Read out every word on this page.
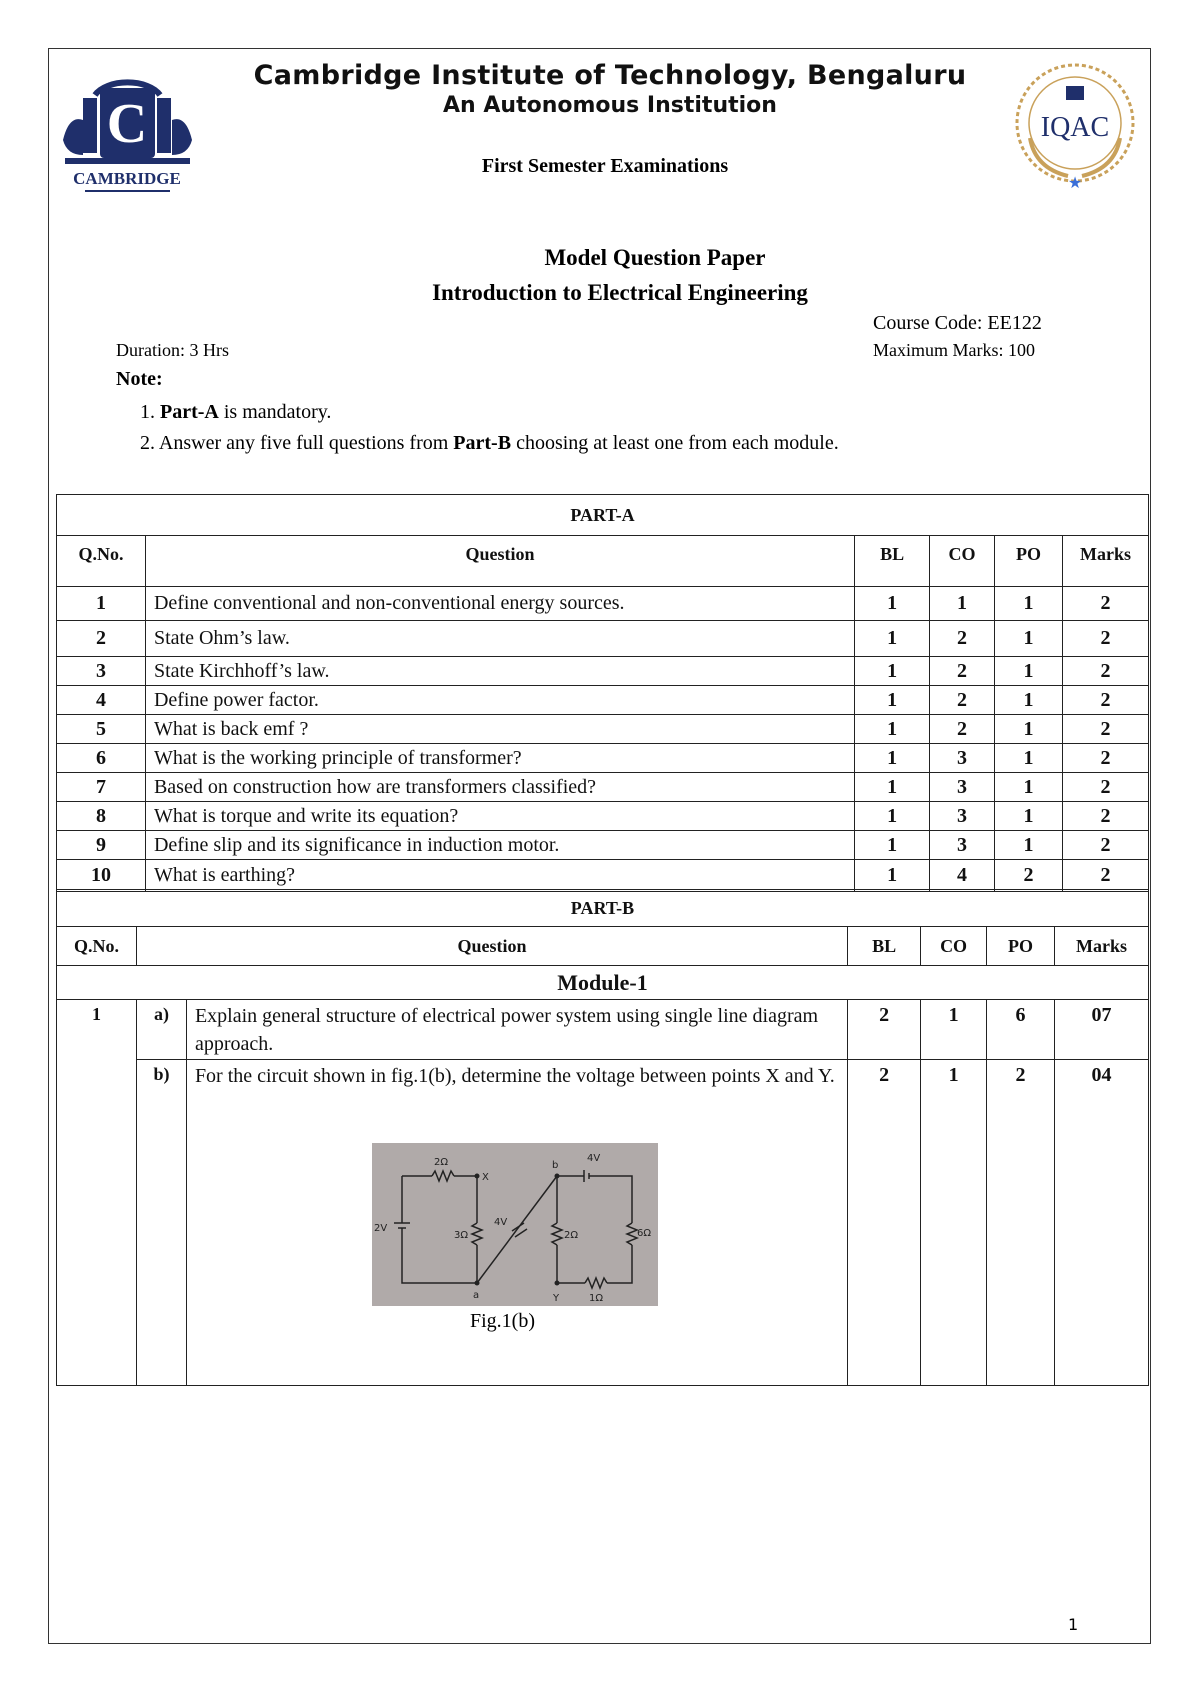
C
CAMBRIDGE
IQAC
★
Cambridge Institute of Technology, Bengaluru
An Autonomous Institution
First Semester Examinations
Model Question Paper
Introduction to Electrical Engineering
Course Code: EE122
Duration: 3 Hrs	Maximum Marks: 100
Note:
1. Part-A is mandatory.
2. Answer any five full questions from Part-B choosing at least one from each module.
PART-A					
Q.No.	Question	BL	CO	PO	Marks
1	Define conventional and non-conventional energy sources.	1	1	1	2
2	State Ohm’s law.	1	2	1	2
3	State Kirchhoff’s law.	1	2	1	2
4	Define power factor.	1	2	1	2
5	What is back emf ?	1	2	1	2
6	What is the working principle of transformer?	1	3	1	2
7	Based on construction how are transformers classified?	1	3	1	2
8	What is torque and write its equation?	1	3	1	2
9	Define slip and its significance in induction motor.	1	3	1	2
10	What is earthing?	1	4	2	2
PART-B						
Q.No.	Question		BL	CO	PO	Marks
Module-1						
1	a)	Explain general structure of electrical power system using single line diagram approach.	2	1	6	07
	b)	For the circuit shown in fig.1(b), determine the voltage between points X and Y.	2	1	2	04
2Ω
X
b
4V
2V
3Ω
4V
2Ω	6Ω
a	Y	1Ω
Fig.1(b)
1
